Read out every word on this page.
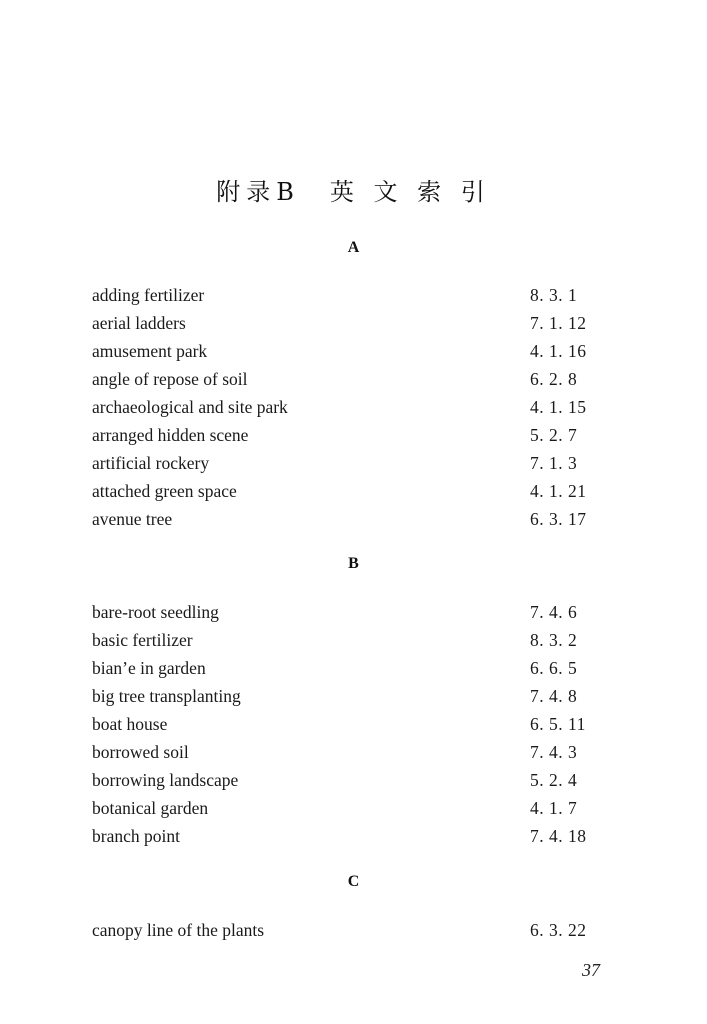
附录B　英 文 索 引
A
adding fertilizer	8. 3. 1
aerial ladders	7. 1. 12
amusement park	4. 1. 16
angle of repose of soil	6. 2. 8
archaeological and site park	4. 1. 15
arranged hidden scene	5. 2. 7
artificial rockery	7. 1. 3
attached green space	4. 1. 21
avenue tree	6. 3. 17
B
bare-root seedling	7. 4. 6
basic fertilizer	8. 3. 2
bian’e in garden	6. 6. 5
big tree transplanting	7. 4. 8
boat house	6. 5. 11
borrowed soil	7. 4. 3
borrowing landscape	5. 2. 4
botanical garden	4. 1. 7
branch point	7. 4. 18
C
canopy line of the plants	6. 3. 22
37
